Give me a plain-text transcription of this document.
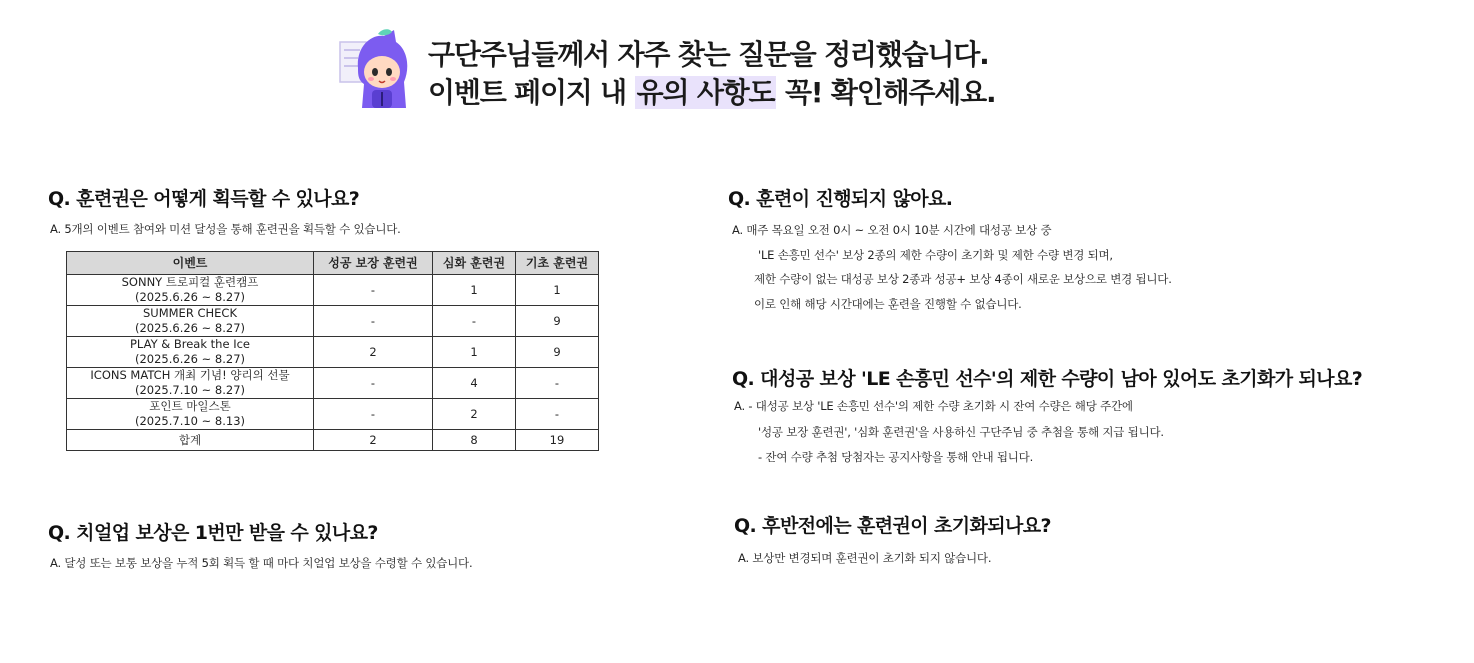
구단주님들께서 자주 찾는 질문을 정리했습니다.
이벤트 페이지 내 유의 사항도 꼭! 확인해주세요.
Q. 훈련권은 어떻게 획득할 수 있나요?
A. 5개의 이벤트 참여와 미션 달성을 통해 훈련권을 획득할 수 있습니다.
이벤트	성공 보장 훈련권	심화 훈련권	기초 훈련권

SONNY 트로피컬 훈련캠프
(2025.6.26 ~ 8.27)	-	1	1

SUMMER CHECK
(2025.6.26 ~ 8.27)	-	-	9

PLAY & Break the Ice
(2025.6.26 ~ 8.27)	2	1	9

ICONS MATCH 개최 기념! 양리의 선물
(2025.7.10 ~ 8.27)	-	4	-

포인트 마일스톤
(2025.7.10 ~ 8.13)	-	2	-
합계	2	8	19
Q. 치얼업 보상은 1번만 받을 수 있나요?
A. 달성 또는 보통 보상을 누적 5회 획득 할 때 마다 치얼업 보상을 수령할 수 있습니다.
Q. 훈련이 진행되지 않아요.
A. 매주 목요일 오전 0시 ~ 오전 0시 10분 시간에 대성공 보상 중
'LE 손흥민 선수' 보상 2종의 제한 수량이 초기화 및 제한 수량 변경 되며,
제한 수량이 없는 대성공 보상 2종과 성공+ 보상 4종이 새로운 보상으로 변경 됩니다.
이로 인해 해당 시간대에는 훈련을 진행할 수 없습니다.
Q. 대성공 보상 'LE 손흥민 선수'의 제한 수량이 남아 있어도 초기화가 되나요?
A. - 대성공 보상 'LE 손흥민 선수'의 제한 수량 초기화 시 잔여 수량은 해당 주간에
'성공 보장 훈련권', '심화 훈련권'을 사용하신 구단주님 중 추첨을 통해 지급 됩니다.
- 잔여 수량 추첨 당첨자는 공지사항을 통해 안내 됩니다.
Q. 후반전에는 훈련권이 초기화되나요?
A. 보상만 변경되며 훈련권이 초기화 되지 않습니다.
